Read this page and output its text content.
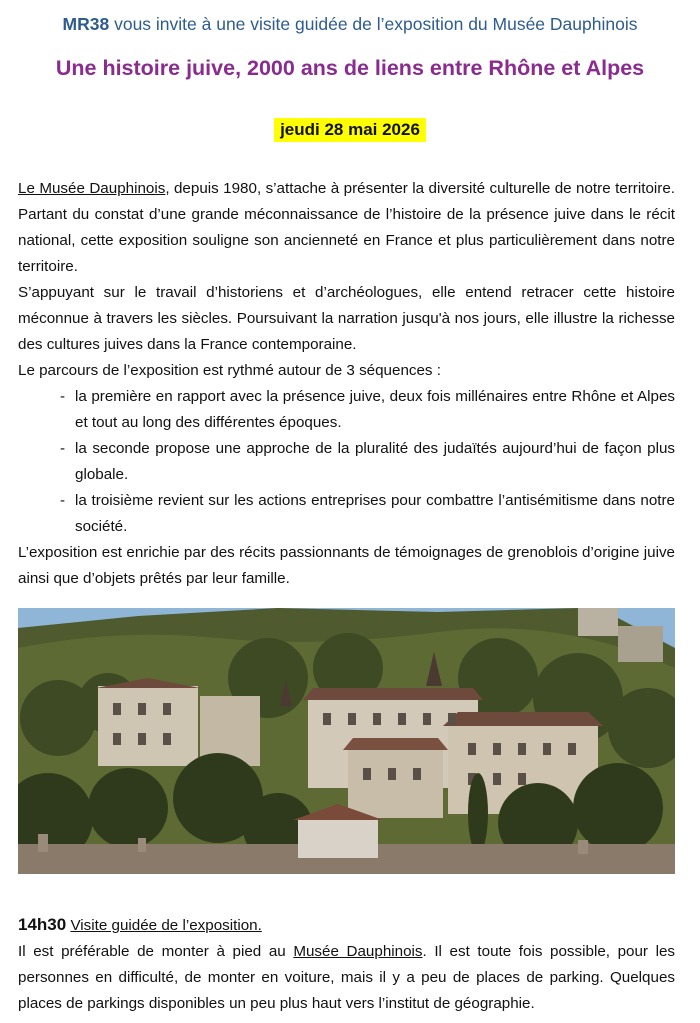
MR38 vous invite à une visite guidée de l’exposition du Musée Dauphinois
Une histoire juive, 2000 ans de liens entre Rhône et Alpes
jeudi 28 mai 2026

Le Musée Dauphinois, depuis 1980, s’attache à présenter la diversité culturelle de notre territoire. Partant du constat d’une grande méconnaissance de l’histoire de la présence juive dans le récit national, cette exposition souligne son ancienneté en France et plus particulièrement dans notre territoire.

S’appuyant sur le travail d’historiens et d’archéologues, elle entend retracer cette histoire méconnue à travers les siècles. Poursuivant la narration jusqu'à nos jours, elle illustre la richesse des cultures juives dans la France contemporaine.

Le parcours de l’exposition est rythmé autour de 3 séquences :

- la première en rapport avec la présence juive, deux fois millénaires entre Rhône et Alpes et tout au long des différentes époques.
- la seconde propose une approche de la pluralité des judaïtés aujourd’hui de façon plus globale.
- la troisième revient sur les actions entreprises pour combattre l’antisémitisme dans notre société.

L’exposition est enrichie par des récits passionnants de témoignages de grenoblois d’origine juive ainsi que d’objets prêtés par leur famille.

14h30 Visite guidée de l’exposition.

Il est préférable de monter à pied au Musée Dauphinois. Il est toute fois possible, pour les personnes en difficulté, de monter en voiture, mais il y a peu de places de parking. Quelques places de parkings disponibles un peu plus haut vers l’institut de géographie.
